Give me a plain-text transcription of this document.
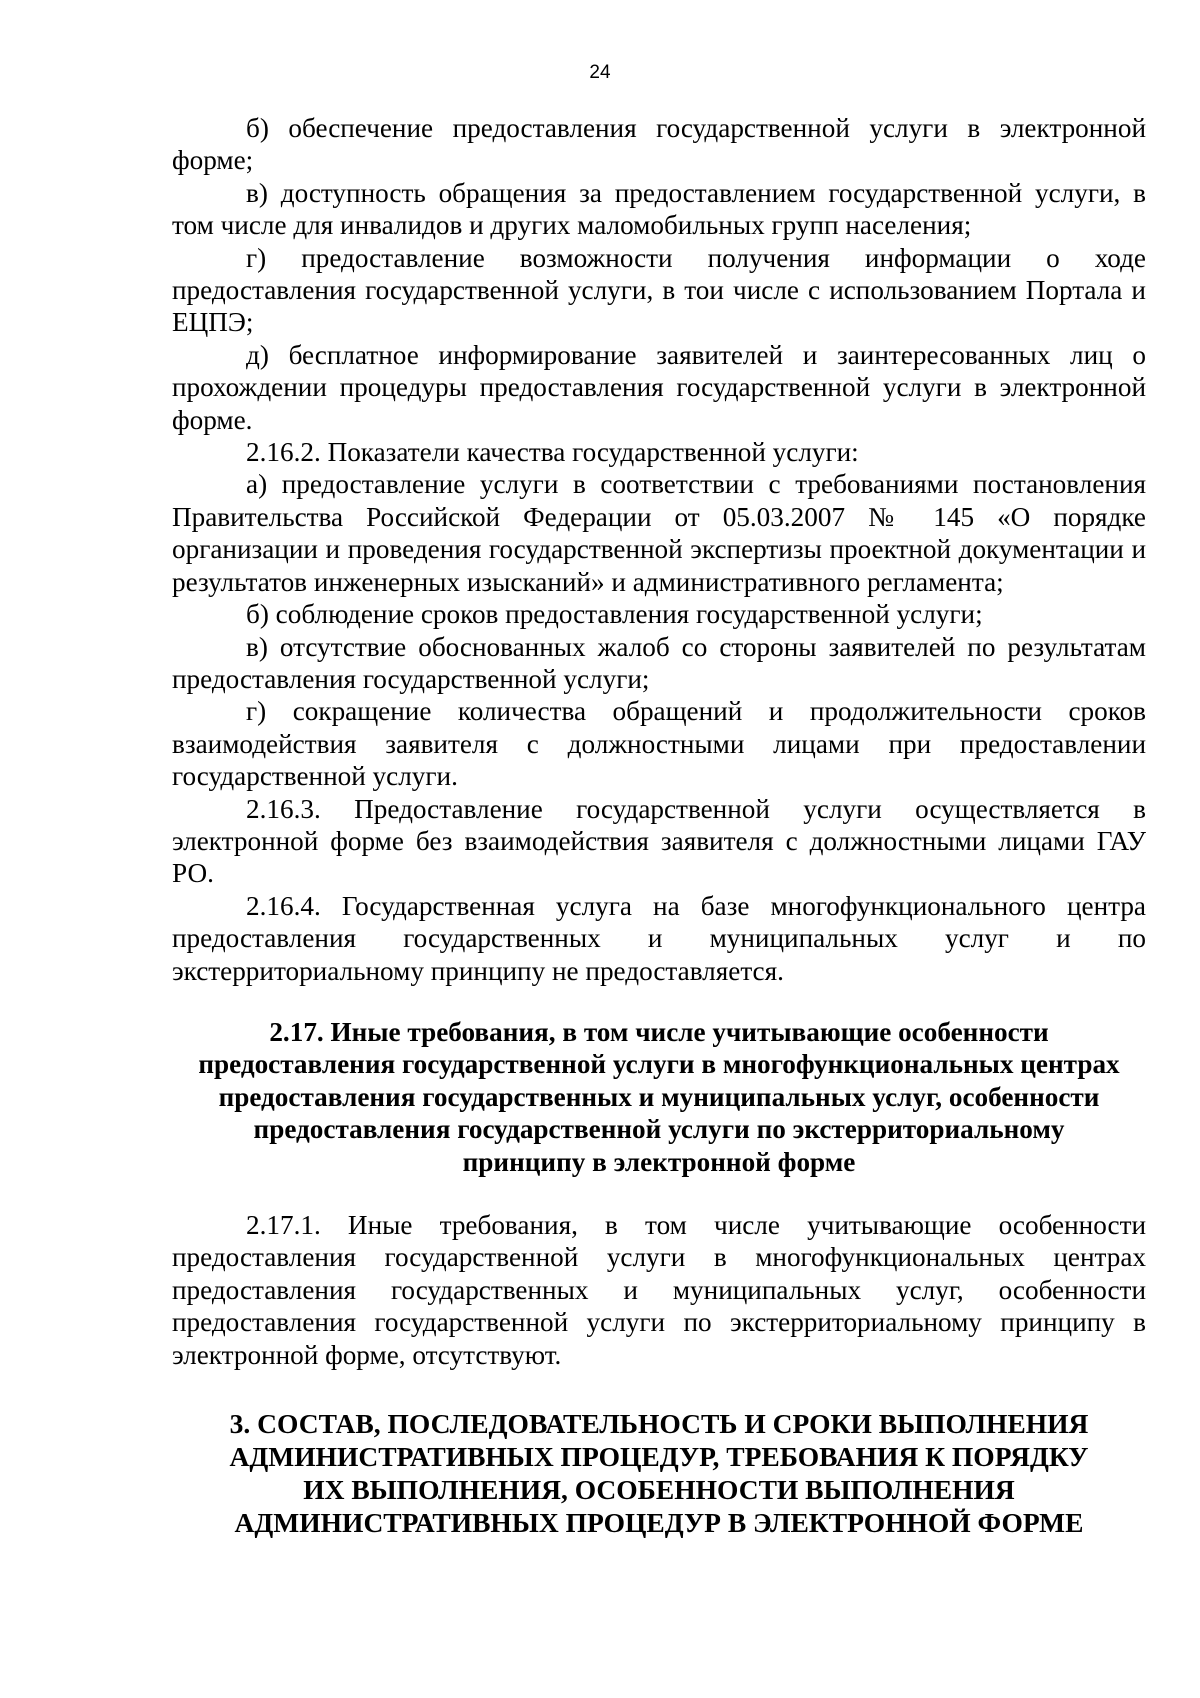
24

б) обеспечение предоставления государственной услуги в электронной форме;

в) доступность обращения за предоставлением государственной услуги, в том числе для инвалидов и других маломобильных групп населения;

г) предоставление возможности получения информации о ходе предоставления государственной услуги, в тои числе с использованием Портала и ЕЦПЭ;

д) бесплатное информирование заявителей и заинтересованных лиц о прохождении процедуры предоставления государственной услуги в электронной форме.

2.16.2. Показатели качества государственной услуги:

а) предоставление услуги в соответствии с требованиями постановления Правительства Российской Федерации от 05.03.2007 № 145 «О порядке организации и проведения государственной экспертизы проектной документации и результатов инженерных изысканий» и административного регламента;

б) соблюдение сроков предоставления государственной услуги;

в) отсутствие обоснованных жалоб со стороны заявителей по результатам предоставления государственной услуги;

г) сокращение количества обращений и продолжительности сроков взаимодействия заявителя с должностными лицами при предоставлении государственной услуги.

2.16.3. Предоставление государственной услуги осуществляется в электронной форме без взаимодействия заявителя с должностными лицами ГАУ РО.

2.16.4. Государственная услуга на базе многофункционального центра предоставления государственных и муниципальных услуг и по экстерриториальному принципу не предоставляется.

2.17. Иные требования, в том числе учитывающие особенности
предоставления государственной услуги в многофункциональных центрах
предоставления государственных и муниципальных услуг, особенности
предоставления государственной услуги по экстерриториальному
принципу в электронной форме

2.17.1. Иные требования, в том числе учитывающие особенности предоставления государственной услуги в многофункциональных центрах предоставления государственных и муниципальных услуг, особенности предоставления государственной услуги по экстерриториальному принципу в электронной форме, отсутствуют.

3. СОСТАВ, ПОСЛЕДОВАТЕЛЬНОСТЬ И СРОКИ ВЫПОЛНЕНИЯ
АДМИНИСТРАТИВНЫХ ПРОЦЕДУР, ТРЕБОВАНИЯ К ПОРЯДКУ
ИХ ВЫПОЛНЕНИЯ, ОСОБЕННОСТИ ВЫПОЛНЕНИЯ
АДМИНИСТРАТИВНЫХ ПРОЦЕДУР В ЭЛЕКТРОННОЙ ФОРМЕ
